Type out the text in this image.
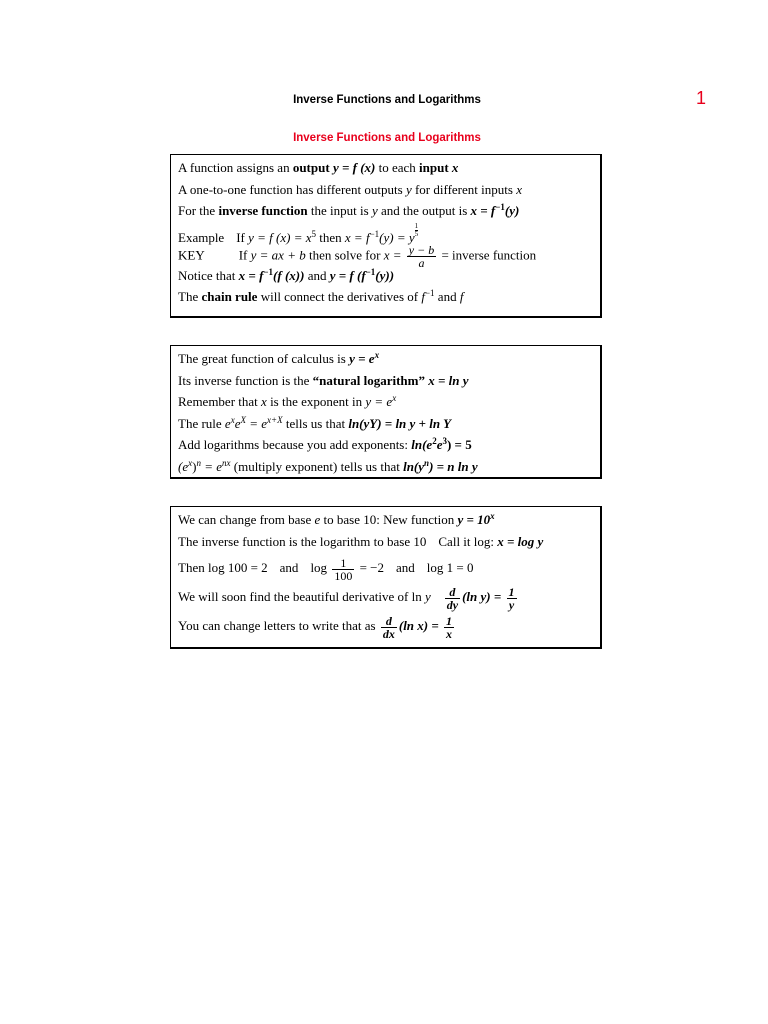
Inverse Functions and Logarithms	1
Inverse Functions and Logarithms
A function assigns an output y = f (x) to each input x
A one-to-one function has different outputs y for different inputs x
For the inverse function the input is y and the output is $x = f^{-1}(y)$
Example If y = f $(x) = x^5$ then $x = f^{-1}(y) = y \frac{1}{5}$
KEY	If y = ax + b then solve for $x = \frac{y - b}{a}$ = inverse function
Notice that $x = f^{-1}(f$ (x)) and y = f $(f^{-1}(y))$
The chain rule will connect the derivatives of $f^{-1}$ and f
The great function of calculus is $y = e^x$
Its inverse function is the “natural logarithm” x = ln y
Remember that x is the exponent in $y = e^x$
The rule $e^xe^X = e^{x+X}$ tells us that ln(yY) = ln y + ln Y
Add logarithms because you add exponents: $\ln(e^2e^3) = 5$
$(e^x)^n = e^{nx}$ (multiply exponent) tells us that $\ln(y^n) = n$ ln y
We can change from base e to base 10: New function $y = 10^x$
The inverse function is the logarithm to base 10 Call it log: x = log y
Then log 100 = 2 and $\log \frac{1}{100} = -2$ and log 1 = 0
We will soon find the beautiful derivative of ln y $\frac{d}{dy} (\ln$ $y) = \frac{1}{y}$
You can change letters to write that as $\frac{d}{dx} (\ln$ $x) = \frac{1}{x}$
